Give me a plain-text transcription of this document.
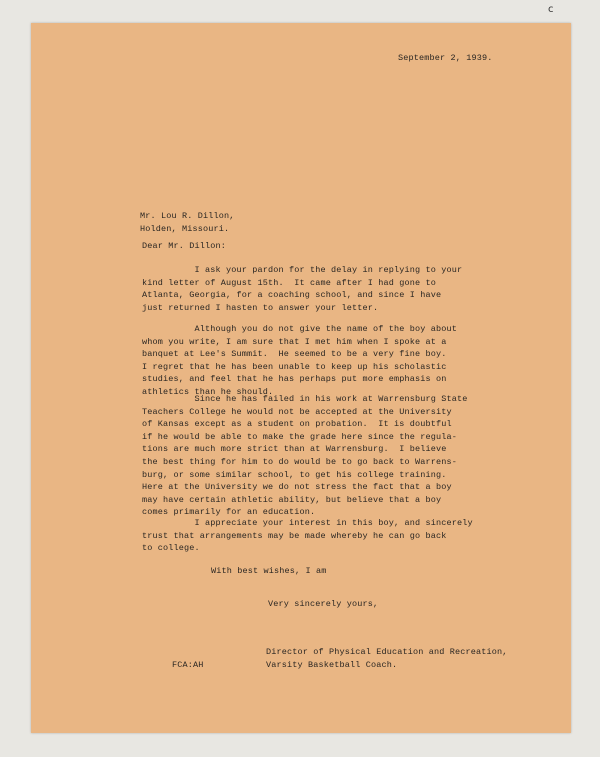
c
September 2, 1939.
Mr. Lou R. Dillon,
Holden, Missouri.
Dear Mr. Dillon:
I ask your pardon for the delay in replying to your
kind letter of August 15th.  It came after I had gone to
Atlanta, Georgia, for a coaching school, and since I have
just returned I hasten to answer your letter.
Although you do not give the name of the boy about
whom you write, I am sure that I met him when I spoke at a
banquet at Lee's Summit.  He seemed to be a very fine boy.
I regret that he has been unable to keep up his scholastic
studies, and feel that he has perhaps put more emphasis on
athletics than he should.
Since he has failed in his work at Warrensburg State
Teachers College he would not be accepted at the University
of Kansas except as a student on probation.  It is doubtful
if he would be able to make the grade here since the regula-
tions are much more strict than at Warrensburg.  I believe
the best thing for him to do would be to go back to Warrens-
burg, or some similar school, to get his college training.
Here at the University we do not stress the fact that a boy
may have certain athletic ability, but believe that a boy
comes primarily for an education.
I appreciate your interest in this boy, and sincerely
trust that arrangements may be made whereby he can go back
to college.
With best wishes, I am
Very sincerely yours,
Director of Physical Education and Recreation,
Varsity Basketball Coach.
FCA:AH
